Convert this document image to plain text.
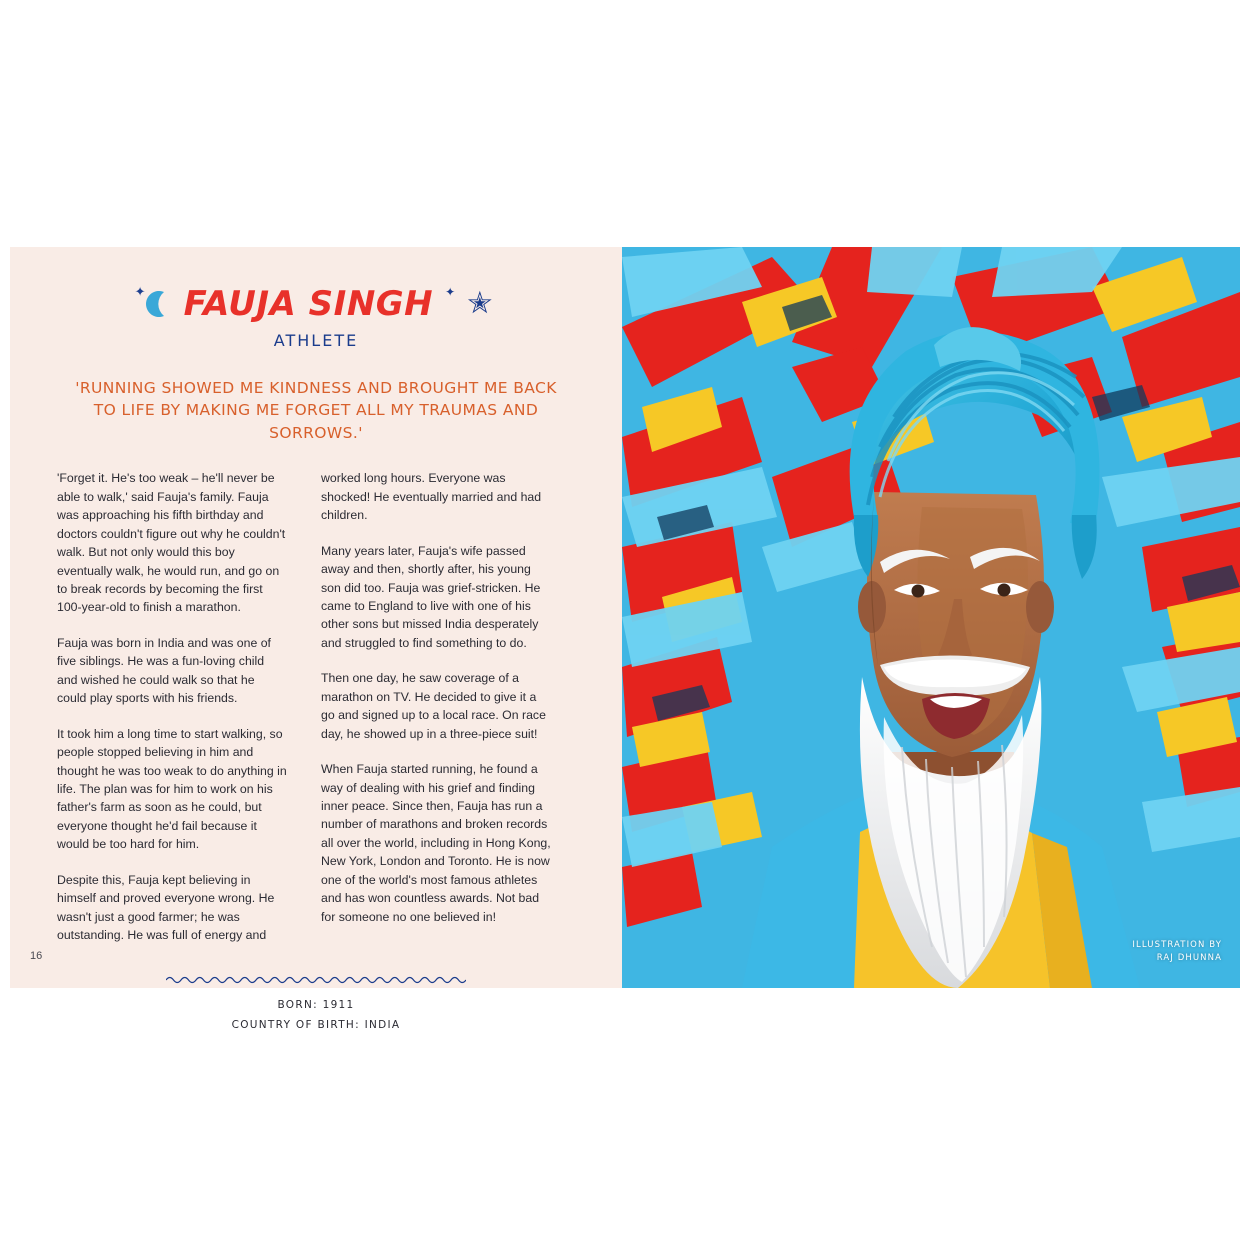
✦ FAUJA SINGH ✦ ✭
ATHLETE
'RUNNING SHOWED ME KINDNESS AND BROUGHT ME BACK TO LIFE BY MAKING ME FORGET ALL MY TRAUMAS AND SORROWS.'

'Forget it. He's too weak – he'll never be able to walk,' said Fauja's family. Fauja was approaching his fifth birthday and doctors couldn't figure out why he couldn't walk. But not only would this boy eventually walk, he would run, and go on to break records by becoming the first 100-year-old to finish a marathon.

Fauja was born in India and was one of five siblings. He was a fun-loving child and wished he could walk so that he could play sports with his friends.

It took him a long time to start walking, so people stopped believing in him and thought he was too weak to do anything in life. The plan was for him to work on his father's farm as soon as he could, but everyone thought he'd fail because it would be too hard for him.

Despite this, Fauja kept believing in himself and proved everyone wrong. He wasn't just a good farmer; he was outstanding. He was full of energy and

worked long hours. Everyone was shocked! He eventually married and had children.

Many years later, Fauja's wife passed away and then, shortly after, his young son did too. Fauja was grief-stricken. He came to England to live with one of his other sons but missed India desperately and struggled to find something to do.

Then one day, he saw coverage of a marathon on TV. He decided to give it a go and signed up to a local race. On race day, he showed up in a three-piece suit!

When Fauja started running, he found a way of dealing with his grief and finding inner peace. Since then, Fauja has run a number of marathons and broken records all over the world, including in Hong Kong, New York, London and Toronto. He is now one of the world's most famous athletes and has won countless awards. Not bad for someone no one believed in!

BORN: 1911
COUNTRY OF BIRTH: INDIA
16
ILLUSTRATION BY
RAJ DHUNNA
